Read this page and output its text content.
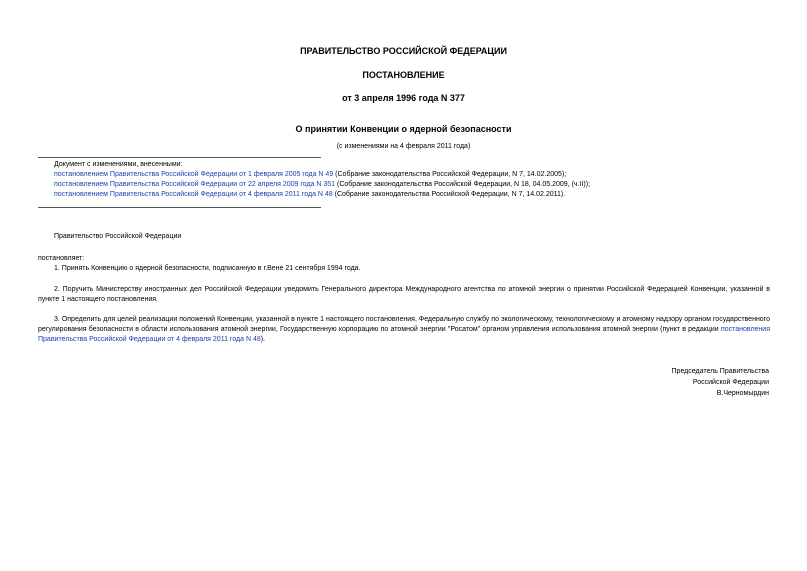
ПРАВИТЕЛЬСТВО РОССИЙСКОЙ ФЕДЕРАЦИИ
ПОСТАНОВЛЕНИЕ
от 3 апреля 1996 года N 377
О принятии Конвенции о ядерной безопасности
(с изменениями на 4 февраля 2011 года)
Документ с изменениями, внесенными:
постановлением Правительства Российской Федерации от 1 февраля 2005 года N 49 (Собрание законодательства Российской Федерации, N 7, 14.02.2005);
постановлением Правительства Российской Федерации от 22 апреля 2009 года N 351 (Собрание законодательства Российской Федерации, N 18, 04.05.2009, (ч.II));
постановлением Правительства Российской Федерации от 4 февраля 2011 года N 48 (Собрание законодательства Российской Федерации, N 7, 14.02.2011).
Правительство Российской Федерации
постановляет:
1. Принять Конвенцию о ядерной безопасности, подписанную в г.Вене 21 сентября 1994 года.
2. Поручить Министерству иностранных дел Российской Федерации уведомить Генерального директора Международного агентства по атомной энергии о принятии Российской Федерацией Конвенции, указанной в пункте 1 настоящего постановления.
3. Определить для целей реализации положений Конвенции, указанной в пункте 1 настоящего постановления, Федеральную службу по экологическому, технологическому и атомному надзору органом государственного регулирования безопасности в области использования атомной энергии, Государственную корпорацию по атомной энергии "Росатом" органом управления использования атомной энергии (пункт в редакции постановления Правительства Российской Федерации от 4 февраля 2011 года N 48).
Председатель Правительства
Российской Федерации
В.Черномырдин
